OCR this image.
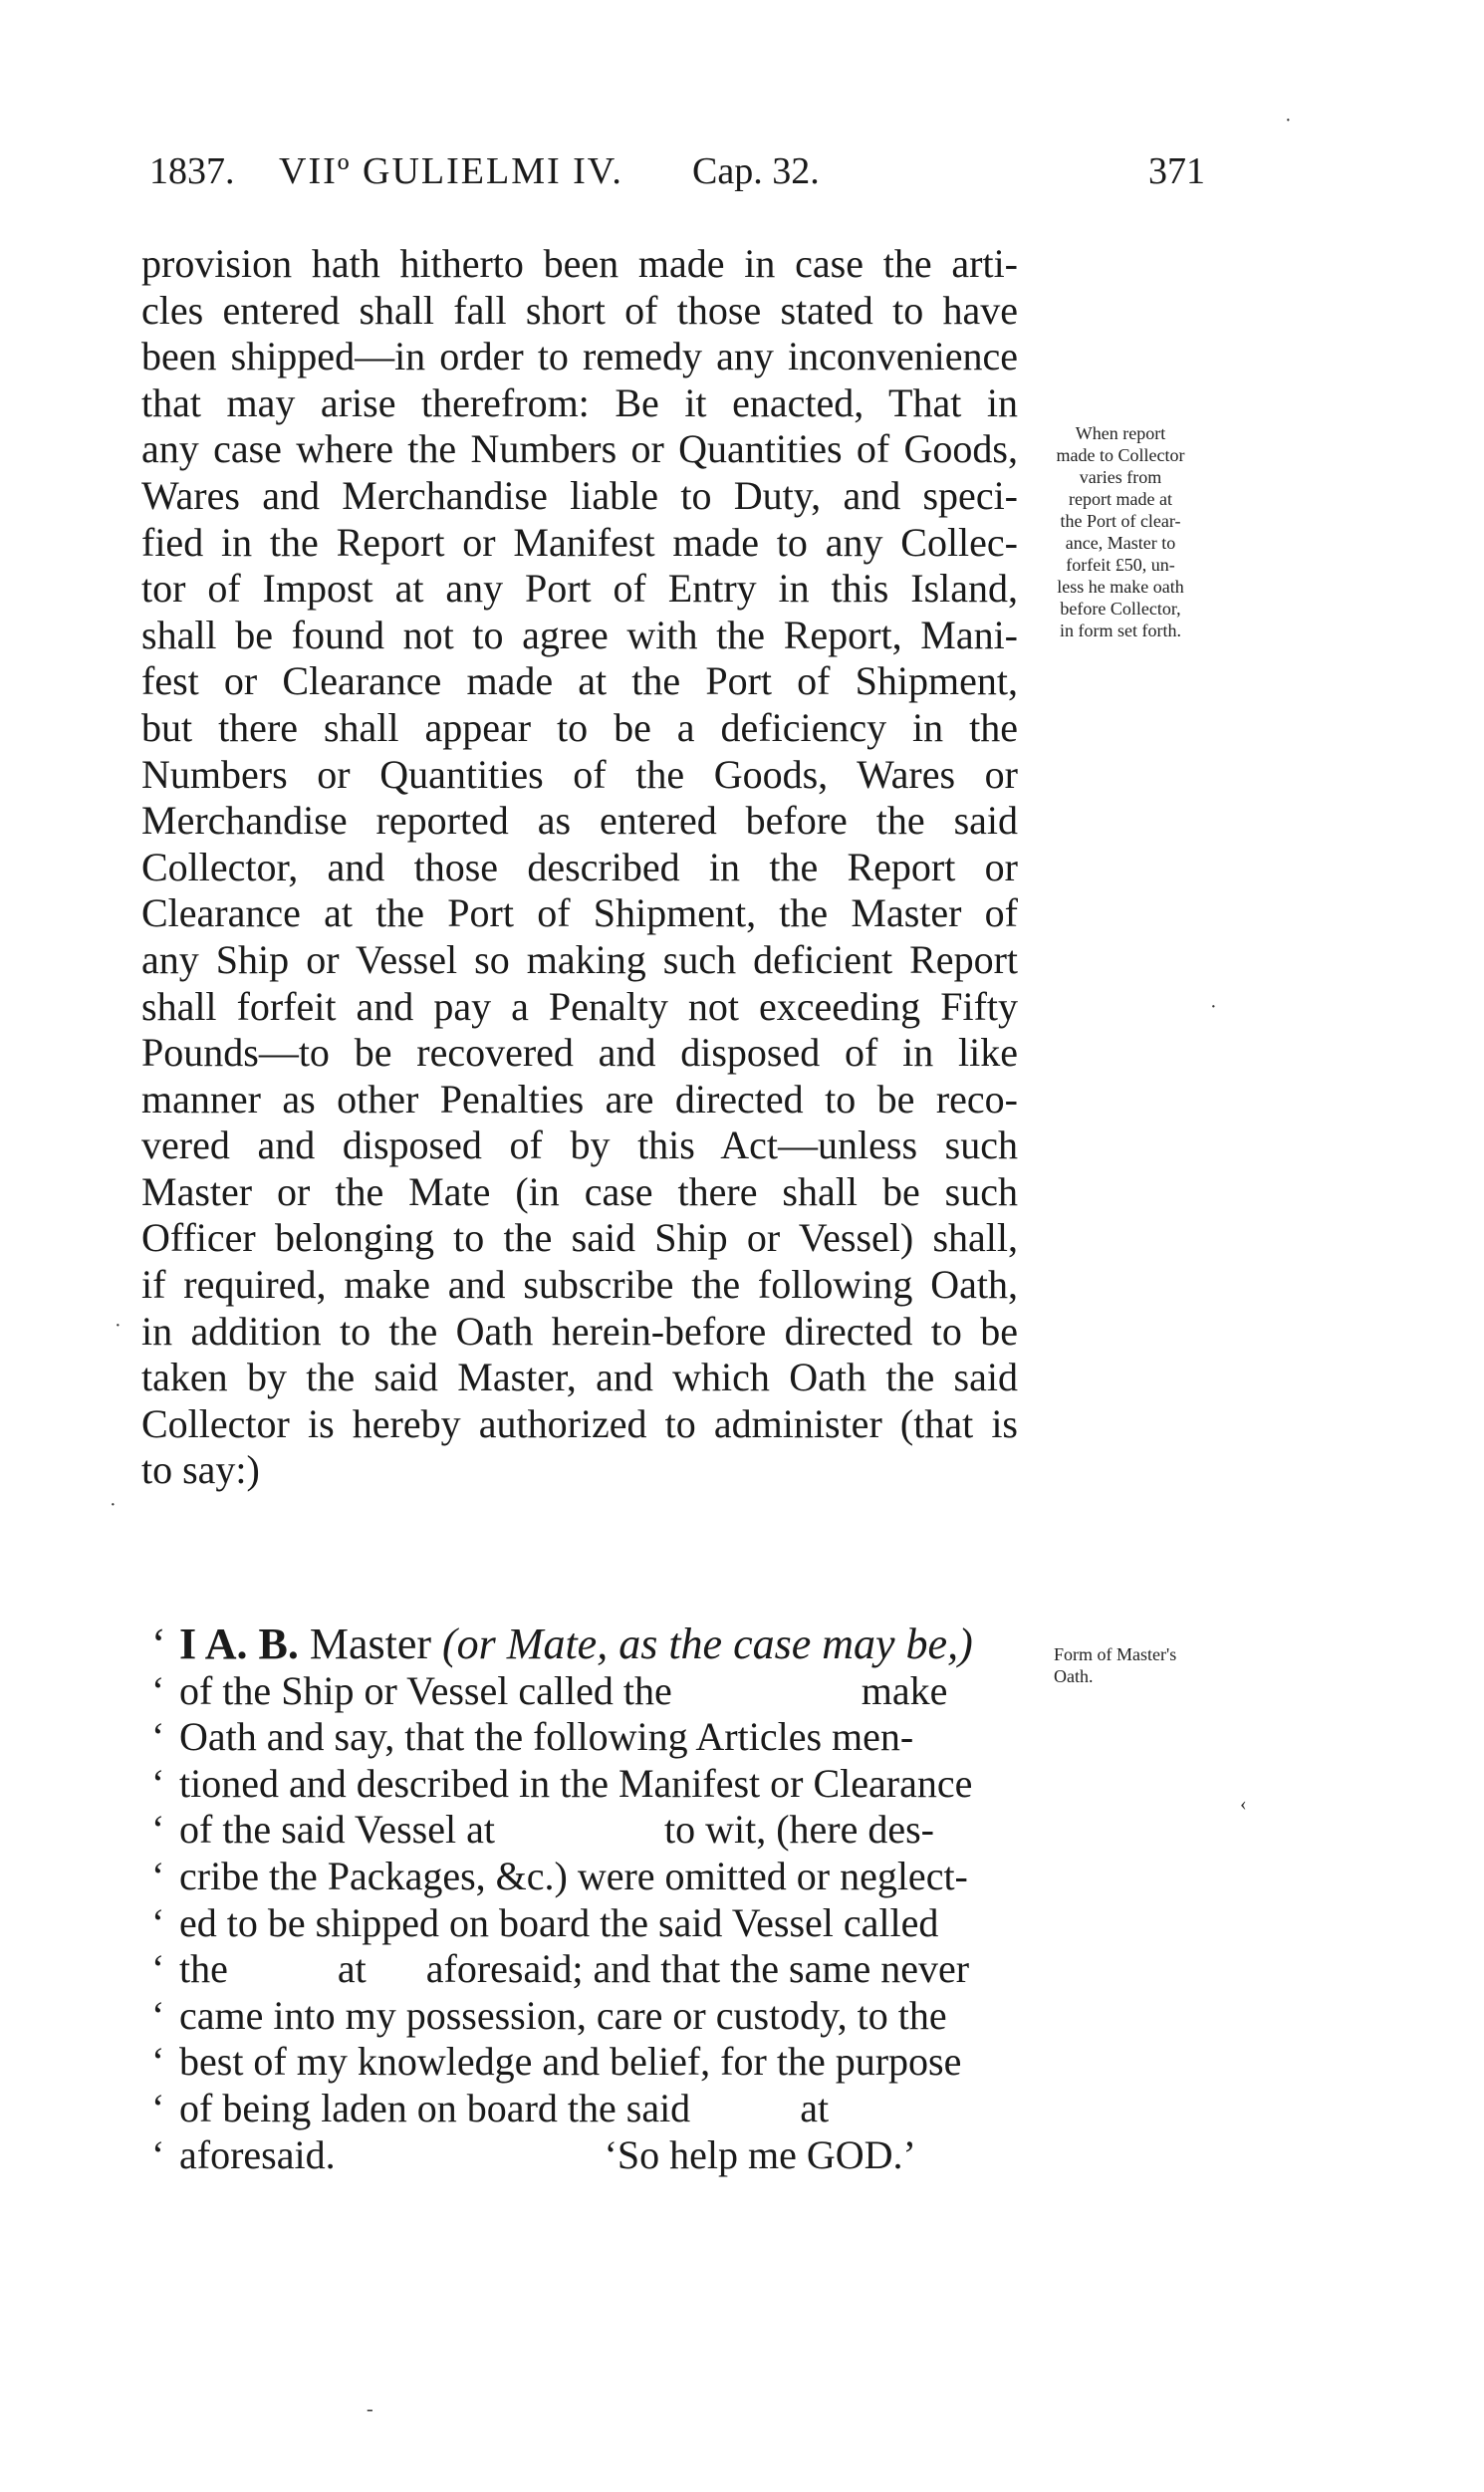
1837. VIIº GULIELMI IV. Cap. 32.	371
provision hath hitherto been made in case the arti-
cles entered shall fall short of those stated to have
been shipped—in order to remedy any inconvenience
that may arise therefrom: Be it enacted, That in
any case where the Numbers or Quantities of Goods,
Wares and Merchandise liable to Duty, and speci-
fied in the Report or Manifest made to any Collec-
tor of Impost at any Port of Entry in this Island,
shall be found not to agree with the Report, Mani-
fest or Clearance made at the Port of Shipment,
but there shall appear to be a deficiency in the
Numbers or Quantities of the Goods, Wares or
Merchandise reported as entered before the said
Collector, and those described in the Report or
Clearance at the Port of Shipment, the Master of
any Ship or Vessel so making such deficient Report
shall forfeit and pay a Penalty not exceeding Fifty
Pounds—to be recovered and disposed of in like
manner as other Penalties are directed to be reco-
vered and disposed of by this Act—unless such
Master or the Mate (in case there shall be such
Officer belonging to the said Ship or Vessel) shall,
if required, make and subscribe the following Oath,
in addition to the Oath herein-before directed to be
taken by the said Master, and which Oath the said
Collector is hereby authorized to administer (that is
to say:)
When report
made to Collector
varies from
report made at
the Port of clear-
ance, Master to
forfeit £50, un-
less he make oath
before Collector,
in form set forth.
Form of Master's
Oath.
‘ I A. B. Master (or Mate, as the case may be,)
‘ of the Ship or Vessel called the	make
‘ Oath and say, that the following Articles men-
‘ tioned and described in the Manifest or Clearance
‘ of the said Vessel at	to wit, (here des-
‘ cribe the Packages, &c.) were omitted or neglect-
‘ ed to be shipped on board the said Vessel called
‘ the	at aforesaid; and that the same never
‘ came into my possession, care or custody, to the
‘ best of my knowledge and belief, for the purpose
‘ of being laden on board the said	at
‘ aforesaid.	‘So help me GOD.’
·
·
·
·
‹
-
